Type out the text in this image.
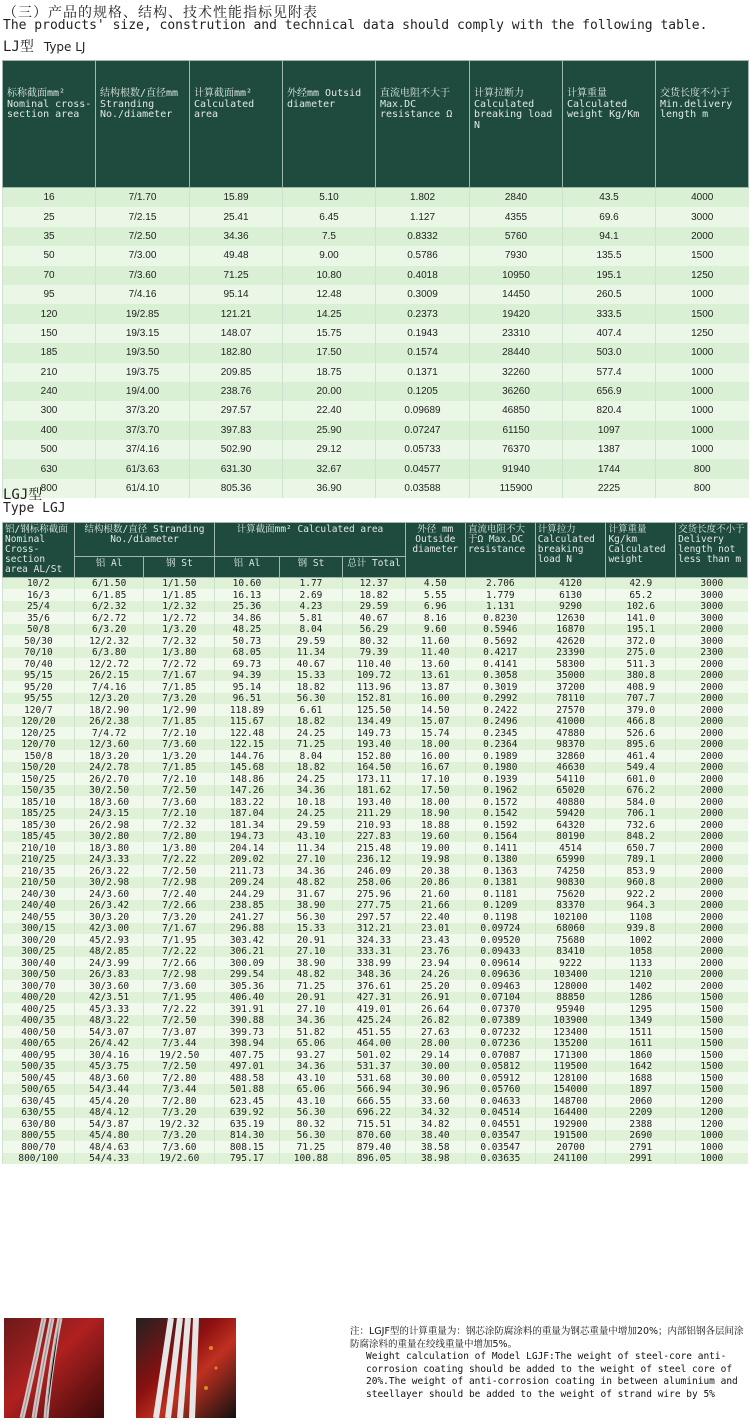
（三）产品的规格、结构、技术性能指标见附表
The products' size, constrution and technical data should comply with the following table.
LJ型 Type LJ
标称截面mm² Nominal cross-section area	结构根数/直径mm Stranding No./diameter	计算截面mm² Calculated area	外经mm Outsid diameter	直流电阻不大于 Max.DC resistance Ω	计算拉断力 Calculated breaking load N	计算重量 Calculated weight Kg/Km	交货长度不小于 Min.delivery length m
16	7/1.70	15.89	5.10	1.802	2840	43.5	4000
25	7/2.15	25.41	6.45	1.127	4355	69.6	3000
35	7/2.50	34.36	7.5	0.8332	5760	94.1	2000
50	7/3.00	49.48	9.00	0.5786	7930	135.5	1500
70	7/3.60	71.25	10.80	0.4018	10950	195.1	1250
95	7/4.16	95.14	12.48	0.3009	14450	260.5	1000
120	19/2.85	121.21	14.25	0.2373	19420	333.5	1500
150	19/3.15	148.07	15.75	0.1943	23310	407.4	1250
185	19/3.50	182.80	17.50	0.1574	28440	503.0	1000
210	19/3.75	209.85	18.75	0.1371	32260	577.4	1000
240	19/4.00	238.76	20.00	0.1205	36260	656.9	1000
300	37/3.20	297.57	22.40	0.09689	46850	820.4	1000
400	37/3.70	397.83	25.90	0.07247	61150	1097	1000
500	37/4.16	502.90	29.12	0.05733	76370	1387	1000
630	61/3.63	631.30	32.67	0.04577	91940	1744	800
800	61/4.10	805.36	36.90	0.03588	115900	2225	800
LGJ型
Type LGJ
铝/钢标称截面 Nominal Cross-section area AL/St	结构根数/直径 Stranding No./diameter		计算截面mm² Calculated area			外径 mm Outside diameter	直流电阻不大于Ω Max.DC resistance	计算拉力 Calculated breaking load N	计算重量 Kg/km Calculated weight	交货长度不小于 Delivery length not less than m
	铝 Al	钢 St	铝 Al	钢 St	总计 Total					
10/2	6/1.50	1/1.50	10.60	1.77	12.37	4.50	2.706	4120	42.9	3000
16/3	6/1.85	1/1.85	16.13	2.69	18.82	5.55	1.779	6130	65.2	3000
25/4	6/2.32	1/2.32	25.36	4.23	29.59	6.96	1.131	9290	102.6	3000
35/6	6/2.72	1/2.72	34.86	5.81	40.67	8.16	0.8230	12630	141.0	3000
50/8	6/3.20	1/3.20	48.25	8.04	56.29	9.60	0.5946	16870	195.1	2000
50/30	12/2.32	7/2.32	50.73	29.59	80.32	11.60	0.5692	42620	372.0	3000
70/10	6/3.80	1/3.80	68.05	11.34	79.39	11.40	0.4217	23390	275.0	2300
70/40	12/2.72	7/2.72	69.73	40.67	110.40	13.60	0.4141	58300	511.3	2000
95/15	26/2.15	7/1.67	94.39	15.33	109.72	13.61	0.3058	35000	380.8	2000
95/20	7/4.16	7/1.85	95.14	18.82	113.96	13.87	0.3019	37200	408.9	2000
95/55	12/3.20	7/3.20	96.51	56.30	152.81	16.00	0.2992	78110	707.7	2000
120/7	18/2.90	1/2.90	118.89	6.61	125.50	14.50	0.2422	27570	379.0	2000
120/20	26/2.38	7/1.85	115.67	18.82	134.49	15.07	0.2496	41000	466.8	2000
120/25	7/4.72	7/2.10	122.48	24.25	149.73	15.74	0.2345	47880	526.6	2000
120/70	12/3.60	7/3.60	122.15	71.25	193.40	18.00	0.2364	98370	895.6	2000
150/8	18/3.20	1/3.20	144.76	8.04	152.80	16.00	0.1989	32860	461.4	2000
150/20	24/2.78	7/1.85	145.68	18.82	164.50	16.67	0.1980	46630	549.4	2000
150/25	26/2.70	7/2.10	148.86	24.25	173.11	17.10	0.1939	54110	601.0	2000
150/35	30/2.50	7/2.50	147.26	34.36	181.62	17.50	0.1962	65020	676.2	2000
185/10	18/3.60	7/3.60	183.22	10.18	193.40	18.00	0.1572	40880	584.0	2000
185/25	24/3.15	7/2.10	187.04	24.25	211.29	18.90	0.1542	59420	706.1	2000
185/30	26/2.98	7/2.32	181.34	29.59	210.93	18.88	0.1592	64320	732.6	2000
185/45	30/2.80	7/2.80	194.73	43.10	227.83	19.60	0.1564	80190	848.2	2000
210/10	18/3.80	1/3.80	204.14	11.34	215.48	19.00	0.1411	4514	650.7	2000
210/25	24/3.33	7/2.22	209.02	27.10	236.12	19.98	0.1380	65990	789.1	2000
210/35	26/3.22	7/2.50	211.73	34.36	246.09	20.38	0.1363	74250	853.9	2000
210/50	30/2.98	7/2.98	209.24	48.82	258.06	20.86	0.1381	90830	960.8	2000
240/30	24/3.60	7/2.40	244.29	31.67	275.96	21.60	0.1181	75620	922.2	2000
240/40	26/3.42	7/2.66	238.85	38.90	277.75	21.66	0.1209	83370	964.3	2000
240/55	30/3.20	7/3.20	241.27	56.30	297.57	22.40	0.1198	102100	1108	2000
300/15	42/3.00	7/1.67	296.88	15.33	312.21	23.01	0.09724	68060	939.8	2000
300/20	45/2.93	7/1.95	303.42	20.91	324.33	23.43	0.09520	75680	1002	2000
300/25	48/2.85	7/2.22	306.21	27.10	333.31	23.76	0.09433	83410	1058	2000
300/40	24/3.99	7/2.66	300.09	38.90	338.99	23.94	0.09614	9222	1133	2000
300/50	26/3.83	7/2.98	299.54	48.82	348.36	24.26	0.09636	103400	1210	2000
300/70	30/3.60	7/3.60	305.36	71.25	376.61	25.20	0.09463	128000	1402	2000
400/20	42/3.51	7/1.95	406.40	20.91	427.31	26.91	0.07104	88850	1286	1500
400/25	45/3.33	7/2.22	391.91	27.10	419.01	26.64	0.07370	95940	1295	1500
400/35	48/3.22	7/2.50	390.88	34.36	425.24	26.82	0.07389	103900	1349	1500
400/50	54/3.07	7/3.07	399.73	51.82	451.55	27.63	0.07232	123400	1511	1500
400/65	26/4.42	7/3.44	398.94	65.06	464.00	28.00	0.07236	135200	1611	1500
400/95	30/4.16	19/2.50	407.75	93.27	501.02	29.14	0.07087	171300	1860	1500
500/35	45/3.75	7/2.50	497.01	34.36	531.37	30.00	0.05812	119500	1642	1500
500/45	48/3.60	7/2.80	488.58	43.10	531.68	30.00	0.05912	128100	1688	1500
500/65	54/3.44	7/3.44	501.88	65.06	566.94	30.96	0.05760	154000	1897	1500
630/45	45/4.20	7/2.80	623.45	43.10	666.55	33.60	0.04633	148700	2060	1200
630/55	48/4.12	7/3.20	639.92	56.30	696.22	34.32	0.04514	164400	2209	1200
630/80	54/3.87	19/2.32	635.19	80.32	715.51	34.82	0.04551	192900	2388	1200
800/55	45/4.80	7/3.20	814.30	56.30	870.60	38.40	0.03547	191500	2690	1000
800/70	48/4.63	7/3.60	808.15	71.25	879.40	38.58	0.03547	20700	2791	1000
800/100	54/4.33	19/2.60	795.17	100.88	896.05	38.98	0.03635	241100	2991	1000
注：LGJF型的计算重量为：钢芯涂防腐涂料的重量为钢芯重量中增加20%；内部铝钢各层间涂防腐涂料的重量在绞线重量中增加5%。
Weight calculation of Model LGJF:The weight of steel-core anti-corrosion coating should be added to the weight of steel core of 20%.The weight of anti-corrosion coating in between aluminium and steellayer should be added to the weight of strand wire by 5%
